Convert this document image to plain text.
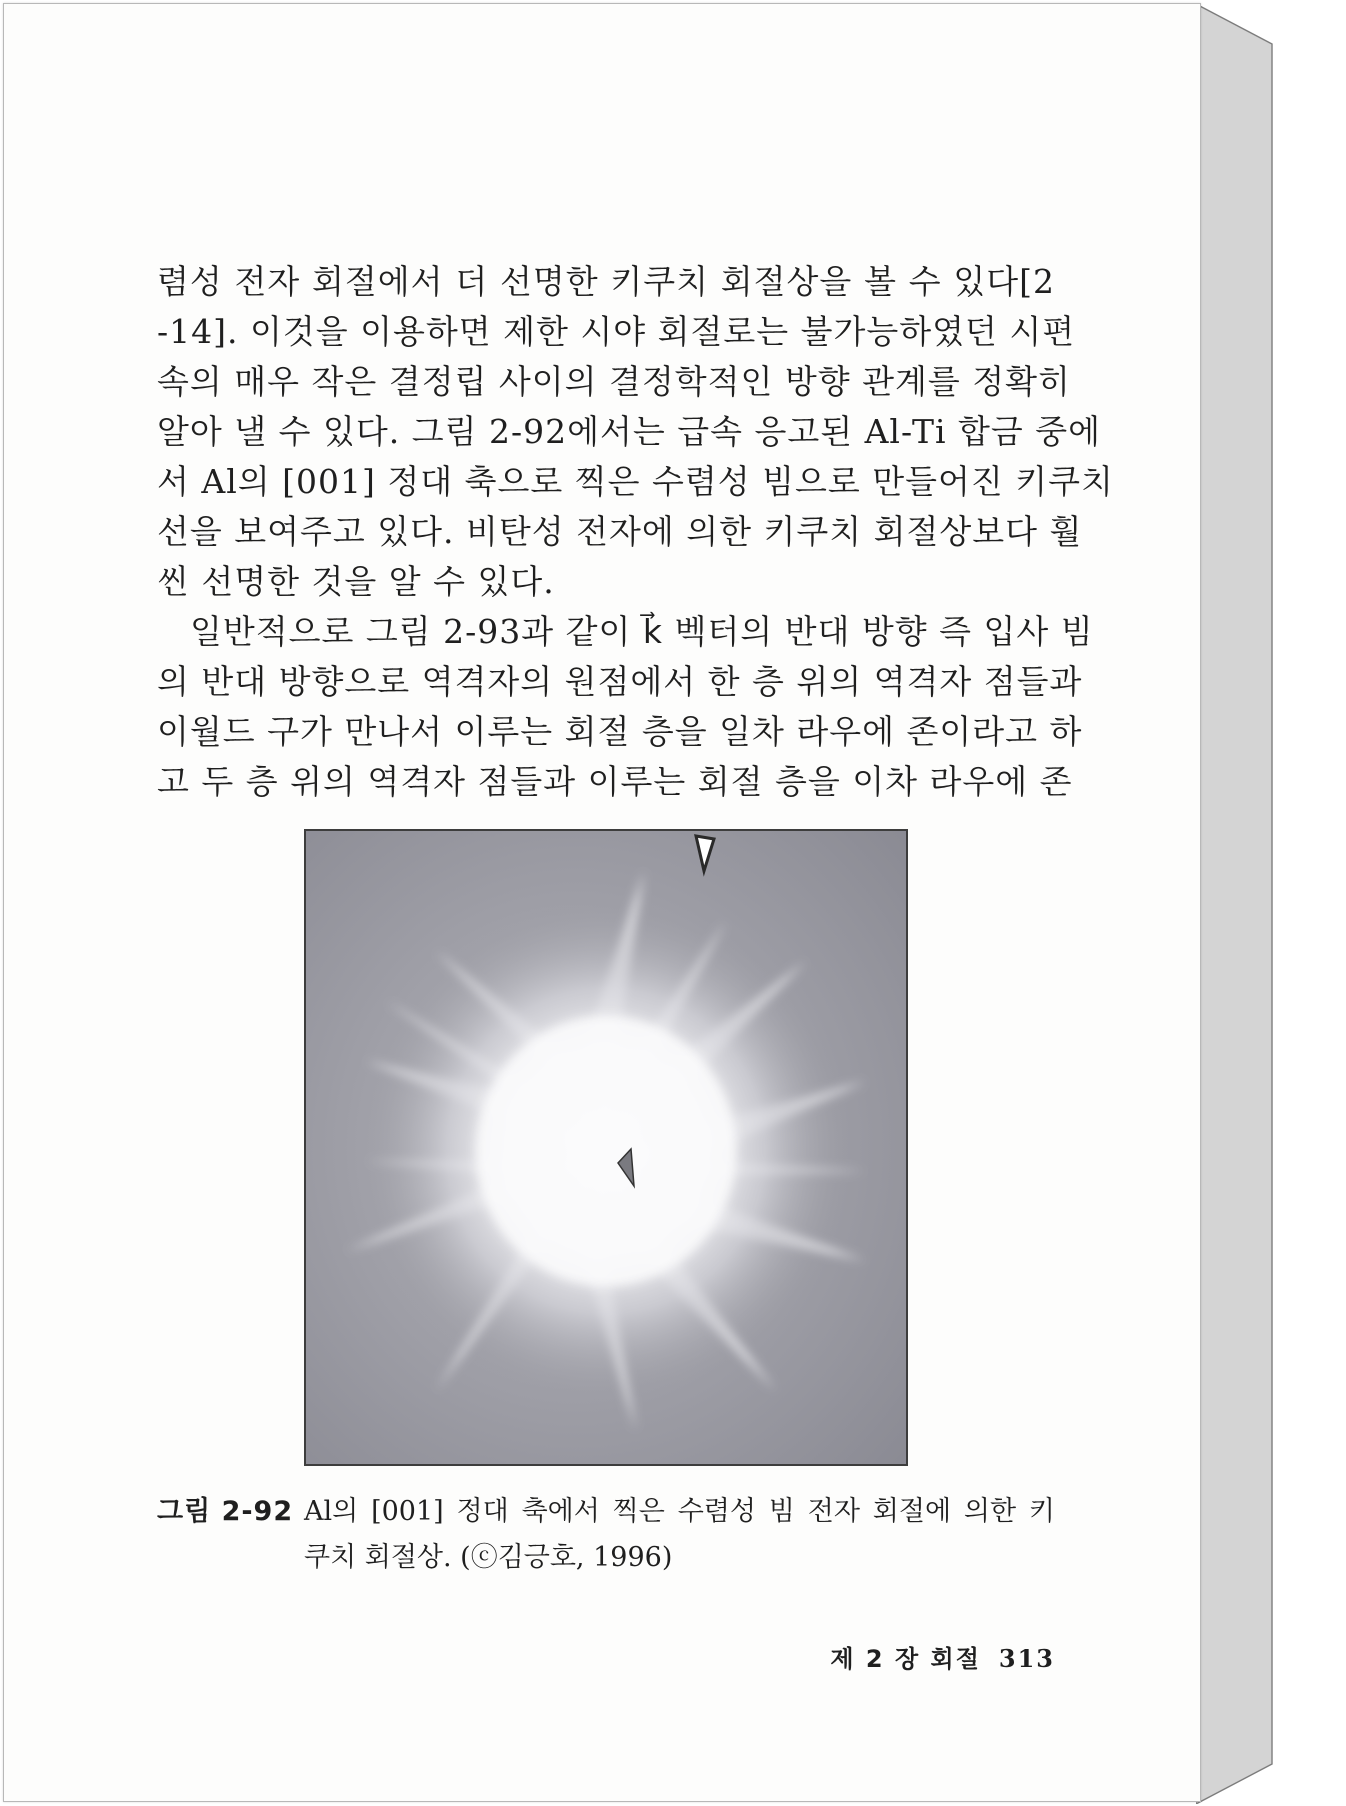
렴성 전자 회절에서 더 선명한 키쿠치 회절상을 볼 수 있다[2
-14]. 이것을 이용하면 제한 시야 회절로는 불가능하였던 시편
속의 매우 작은 결정립 사이의 결정학적인 방향 관계를 정확히
알아 낼 수 있다. 그림 2-92에서는 급속 응고된 Al-Ti 합금 중에
서 Al의 [001] 정대 축으로 찍은 수렴성 빔으로 만들어진 키쿠치
선을 보여주고 있다. 비탄성 전자에 의한 키쿠치 회절상보다 훨
씬 선명한 것을 알 수 있다.
일반적으로 그림 2-93과 같이 k⃗ 벡터의 반대 방향 즉 입사 빔
의 반대 방향으로 역격자의 원점에서 한 층 위의 역격자 점들과
이월드 구가 만나서 이루는 회절 층을 일차 라우에 존이라고 하
고 두 층 위의 역격자 점들과 이루는 회절 층을 이차 라우에 존
그림 2-92 Al의 [001] 정대 축에서 찍은 수렴성 빔 전자 회절에 의한 키
쿠치 회절상. (ⓒ김긍호, 1996)
제 2 장 회절 313
